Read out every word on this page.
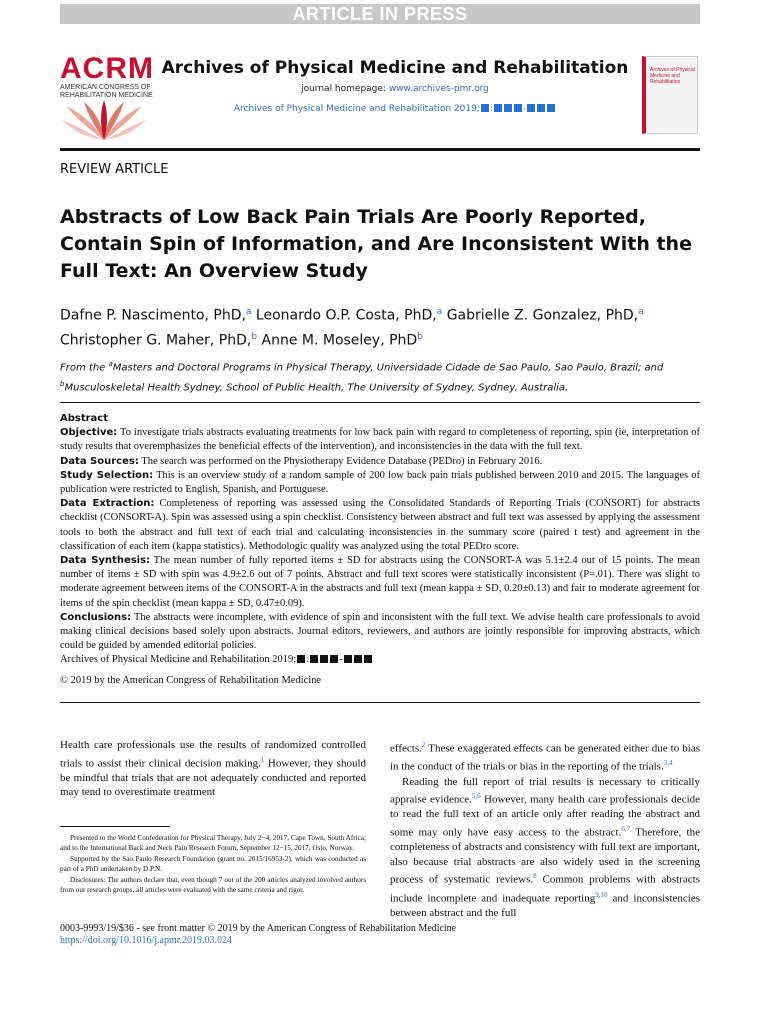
ARTICLE IN PRESS
ACRM
AMERICAN CONGRESS OF REHABILITATION MEDICINE
Archives of Physical Medicine and Rehabilitation
journal homepage: www.archives-pmr.org
Archives of Physical Medicine and Rehabilitation 2019; :	-
Archives of Physical Medicine and Rehabilitation
REVIEW ARTICLE
Abstracts of Low Back Pain Trials Are Poorly Reported, Contain Spin of Information, and Are Inconsistent With the Full Text: An Overview Study
Dafne P. Nascimento, PhD,$^a$ Leonardo O.P. Costa, PhD,$^a$ Gabrielle Z. Gonzalez, PhD,$^a$
Christopher G. Maher, PhD,$^b$ Anne M. Moseley, PhD$^b$
From the $^a$Masters and Doctoral Programs in Physical Therapy, Universidade Cidade de Sao Paulo, Sao Paulo, Brazil; and $^b$Musculoskeletal Health Sydney, School of Public Health, The University of Sydney, Sydney, Australia.

Abstract

Objective: To investigate trials abstracts evaluating treatments for low back pain with regard to completeness of reporting, spin (ie, interpretation of study results that overemphasizes the beneficial effects of the intervention), and inconsistencies in the data with the full text.

Data Sources: The search was performed on the Physiotherapy Evidence Database (PEDro) in February 2016.

Study Selection: This is an overview study of a random sample of 200 low back pain trials published between 2010 and 2015. The languages of publication were restricted to English, Spanish, and Portuguese.

Data Extraction: Completeness of reporting was assessed using the Consolidated Standards of Reporting Trials (CONSORT) for abstracts checklist (CONSORT-A). Spin was assessed using a spin checklist. Consistency between abstract and full text was assessed by applying the assessment tools to both the abstract and full text of each trial and calculating inconsistencies in the summary score (paired t test) and agreement in the classification of each item (kappa statistics). Methodologic quality was analyzed using the total PEDro score.

Data Synthesis: The mean number of fully reported items ± SD for abstracts using the CONSORT-A was 5.1±2.4 out of 15 points. The mean number of items ± SD with spin was 4.9±2.6 out of 7 points. Abstract and full text scores were statistically inconsistent (P=.01). There was slight to moderate agreement between items of the CONSORT-A in the abstracts and full text (mean kappa ± SD, 0.20±0.13) and fair to moderate agreement for items of the spin checklist (mean kappa ± SD, 0.47±0.09).

Conclusions: The abstracts were incomplete, with evidence of spin and inconsistent with the full text. We advise health care professionals to avoid making clinical decisions based solely upon abstracts. Journal editors, reviewers, and authors are jointly responsible for improving abstracts, which could be guided by amended editorial policies.

Archives of Physical Medicine and Rehabilitation 2019; :	-

© 2019 by the American Congress of Rehabilitation Medicine

Health care professionals use the results of randomized controlled trials to assist their clinical decision making.$^1$ However, they should be mindful that trials that are not adequately conducted and reported may tend to overestimate treatment

Presented to the World Confederation for Physical Therapy, July 2−4, 2017, Cape Town, South Africa; and to the International Back and Neck Pain Research Forum, September 12−15, 2017, Oslo, Norway.

Supported by the Sao Paulo Research Foundation (grant no. 2015/16953-2), which was conducted as part of a PhD undertaken by D.P.N.

Disclosures: The authors declare that, even though 7 out of the 200 articles analyzed involved authors from our research groups, all articles were evaluated with the same criteria and rigor.

effects.$^2$ These exaggerated effects can be generated either due to bias in the conduct of the trials or bias in the reporting of the trials.$^{3,4}$

Reading the full report of trial results is necessary to critically appraise evidence.$^{5,6}$ However, many health care professionals decide to read the full text of an article only after reading the abstract and some may only have easy access to the abstract.$^{6,7}$ Therefore, the completeness of abstracts and consistency with full text are important, also because trial abstracts are also widely used in the screening process of systematic reviews.$^8$ Common problems with abstracts include incomplete and inadequate reporting$^{9,10}$ and inconsistencies between abstract and the full

0003-9993/19/$36 - see front matter © 2019 by the American Congress of Rehabilitation Medicine
https://doi.org/10.1016/j.apmr.2019.03.024
